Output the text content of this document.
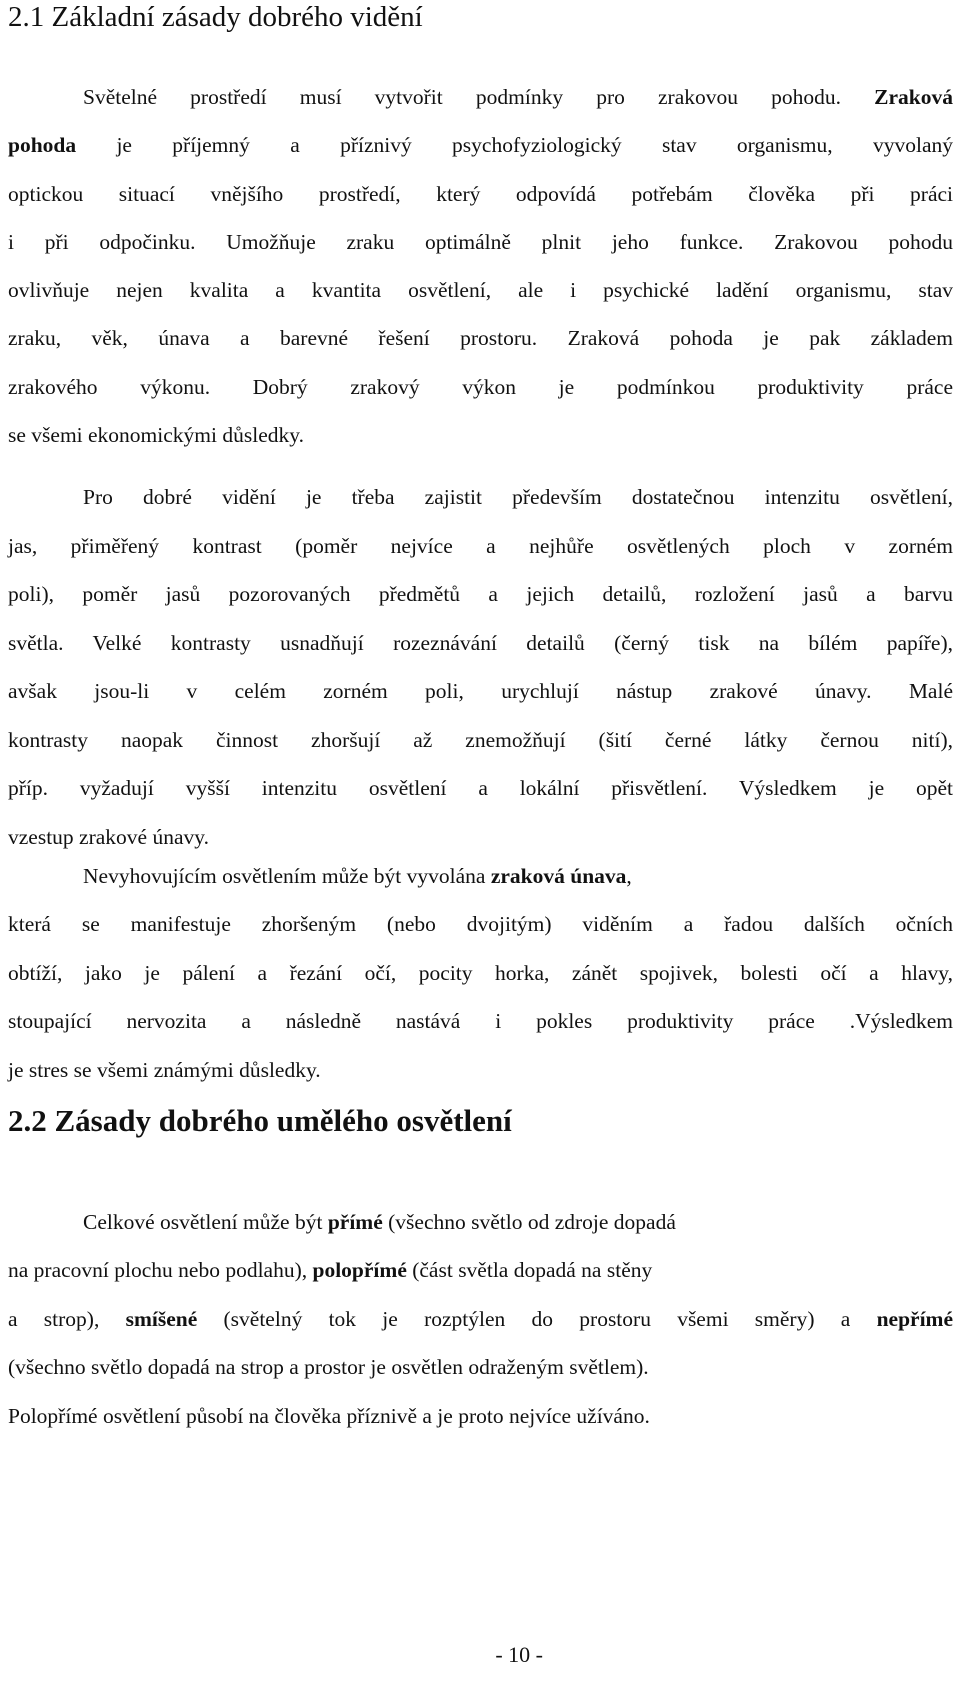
2.1 Základní zásady dobrého vidění
Světelné prostředí musí vytvořit podmínky pro zrakovou pohodu. Zraková
pohoda je příjemný a příznivý psychofyziologický stav organismu, vyvolaný
optickou situací vnějšího prostředí, který odpovídá potřebám člověka při práci
i při odpočinku. Umožňuje zraku optimálně plnit jeho funkce. Zrakovou pohodu
ovlivňuje nejen kvalita a kvantita osvětlení, ale i psychické ladění organismu, stav
zraku, věk, únava a barevné řešení prostoru. Zraková pohoda je pak základem
zrakového výkonu. Dobrý zrakový výkon je podmínkou produktivity práce
se všemi ekonomickými důsledky.
Pro dobré vidění je třeba zajistit především dostatečnou intenzitu osvětlení,
jas, přiměřený kontrast (poměr nejvíce a nejhůře osvětlených ploch v zorném
poli), poměr jasů pozorovaných předmětů a jejich detailů, rozložení jasů a barvu
světla. Velké kontrasty usnadňují rozeznávání detailů (černý tisk na bílém papíře),
avšak jsou-li v celém zorném poli, urychlují nástup zrakové únavy. Malé
kontrasty naopak činnost zhoršují až znemožňují (šití černé látky černou nití),
příp. vyžadují vyšší intenzitu osvětlení a lokální přisvětlení. Výsledkem je opět
vzestup zrakové únavy.
Nevyhovujícím osvětlením může být vyvolána zraková únava,
která se manifestuje zhoršeným (nebo dvojitým) viděním a řadou dalších očních
obtíží, jako je pálení a řezání očí, pocity horka, zánět spojivek, bolesti očí a hlavy,
stoupající nervozita a následně nastává i pokles produktivity práce .Výsledkem
je stres se všemi známými důsledky.
2.2 Zásady dobrého umělého osvětlení
Celkové osvětlení může být přímé (všechno světlo od zdroje dopadá
na pracovní plochu nebo podlahu), polopřímé (část světla dopadá na stěny
a strop), smíšené (světelný tok je rozptýlen do prostoru všemi směry) a nepřímé
(všechno světlo dopadá na strop a prostor je osvětlen odraženým světlem).
Polopřímé osvětlení působí na člověka příznivě a je proto nejvíce užíváno.
- 10 -
